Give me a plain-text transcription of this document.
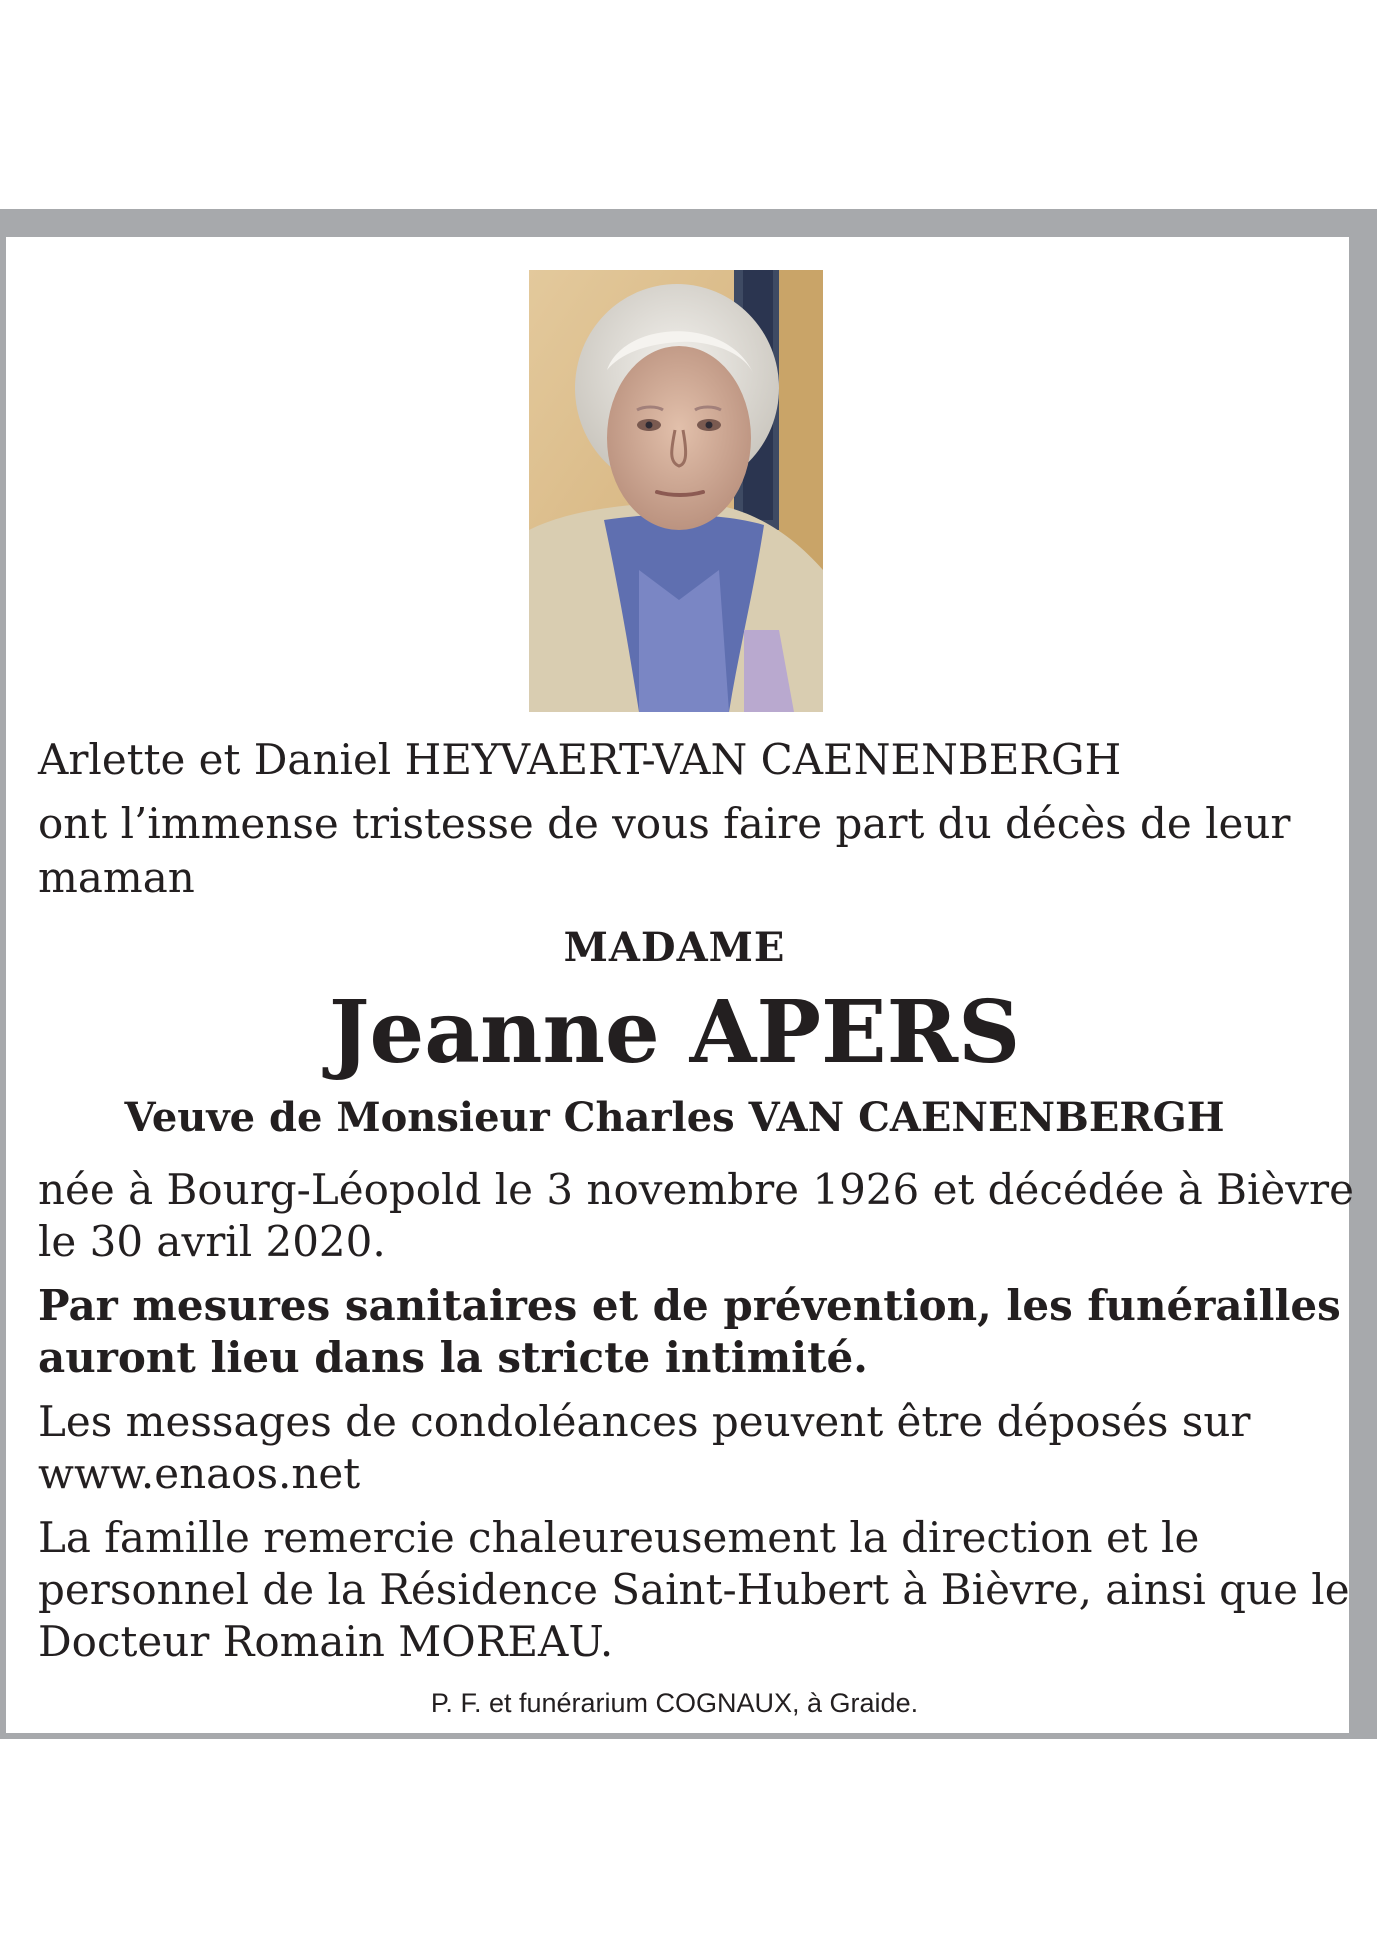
Arlette et Daniel HEYVAERT-VAN CAENENBERGH

ont l’immense tristesse de vous faire part du décès de leur

maman

MADAME

Jeanne APERS

Veuve de Monsieur Charles VAN CAENENBERGH

née à Bourg-Léopold le 3 novembre 1926 et décédée à Bièvre

le 30 avril 2020.

Par mesures sanitaires et de prévention, les funérailles

auront lieu dans la stricte intimité.

Les messages de condoléances peuvent être déposés sur

www.enaos.net

La famille remercie chaleureusement la direction et le

personnel de la Résidence Saint-Hubert à Bièvre, ainsi que le

Docteur Romain MOREAU.

P. F. et funérarium COGNAUX, à Graide.
